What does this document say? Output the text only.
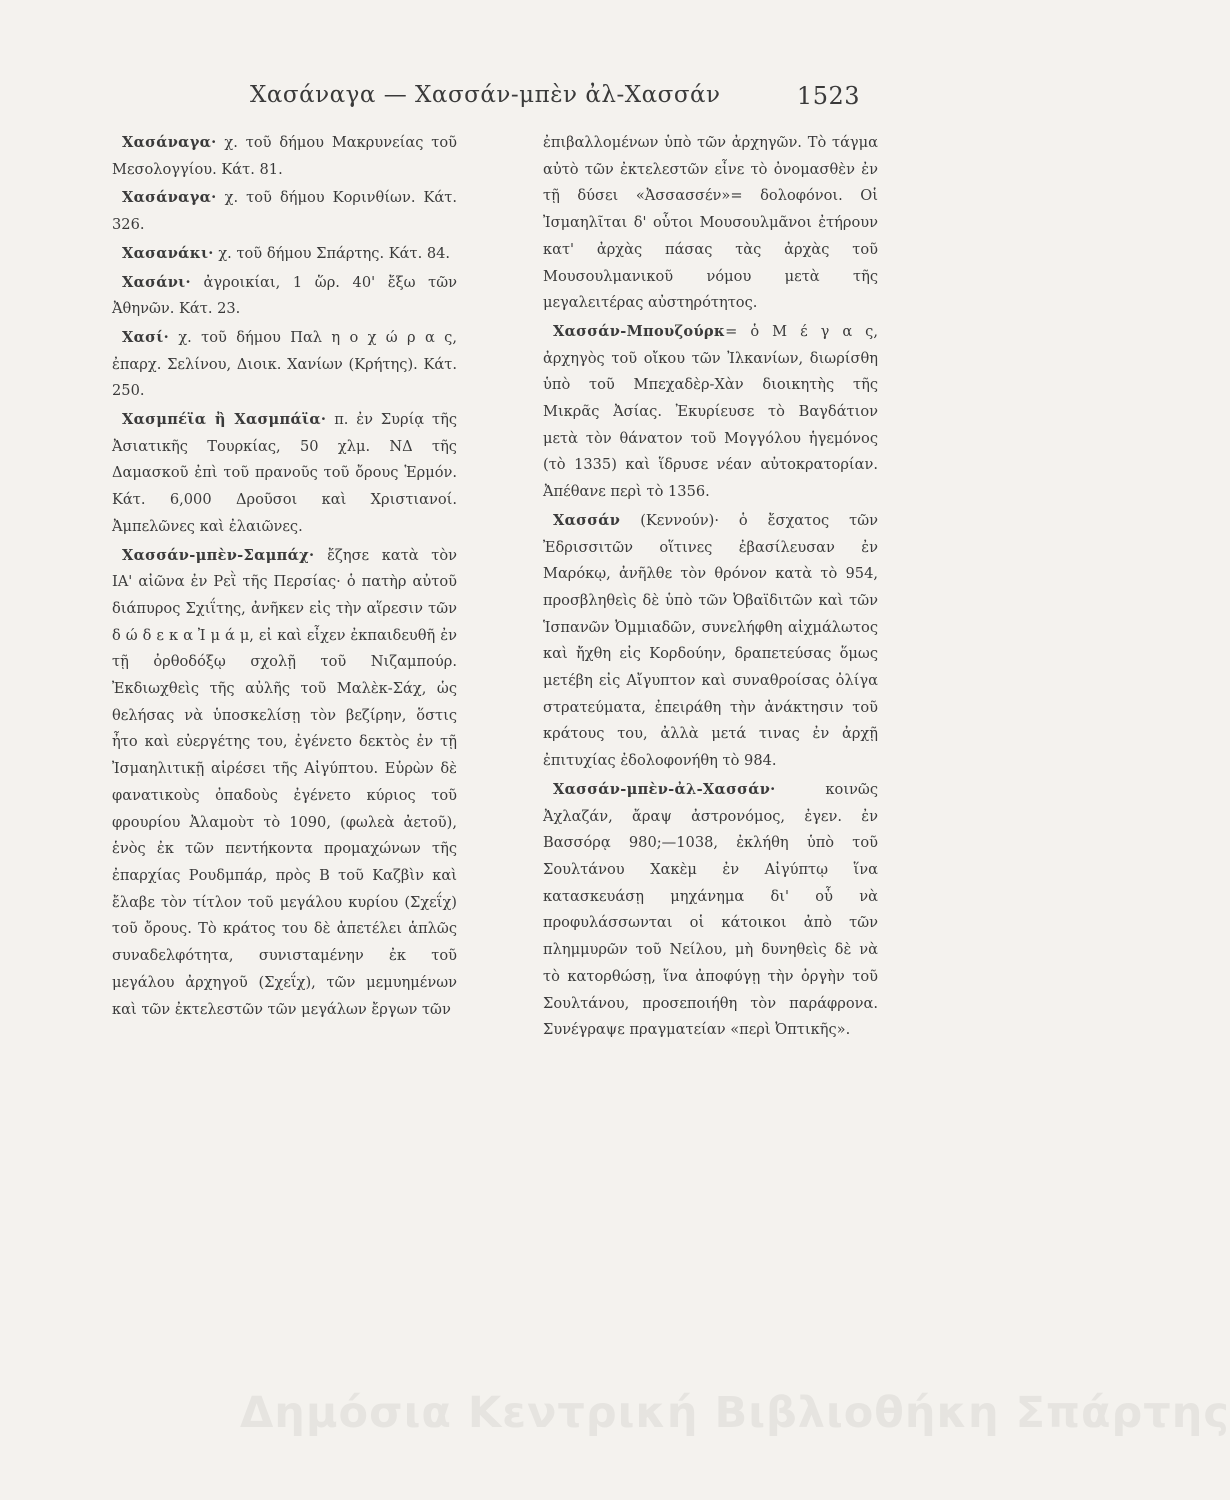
Χασάναγα — Χασσάν-μπὲν ἀλ-Χασσάν	1523

Χασάναγα· χ. τοῦ δήμου Μακρυνείας τοῦ Μεσολογγίου. Κάτ. 81.

Χασάναγα· χ. τοῦ δήμου Κορινθίων. Κάτ. 326.

Χασανάκι· χ. τοῦ δήμου Σπάρτης. Κάτ. 84.

Χασάνι· ἀγροικίαι, 1 ὥρ. 40' ἔξω τῶν Ἀθηνῶν. Κάτ. 23.

Χασί· χ. τοῦ δήμου Παλ η ο χ ώ ρ α ς, ἐπαρχ. Σελίνου, Διοικ. Χανίων (Κρήτης). Κάτ. 250.

Χασμπέϊα ἢ Χασμπάϊα· π. ἐν Συρίᾳ τῆς Ἀσιατικῆς Τουρκίας, 50 χλμ. ΝΔ τῆς Δαμασκοῦ ἐπὶ τοῦ πρανοῦς τοῦ ὄρους Ἑρμόν. Κάτ. 6,000 Δροῦσοι καὶ Χριστιανοί. Ἀμπελῶνες καὶ ἐλαιῶνες.

Χασσάν-μπὲν-Σαμπάχ· ἔζησε κατὰ τὸν ΙΑ' αἰῶνα ἐν Ρεῒ τῆς Περσίας· ὁ πατὴρ αὐτοῦ διάπυρος Σχιΐτης, ἀνῆκεν εἰς τὴν αἵρεσιν τῶν δ ώ δ ε κ α Ἰ μ ά μ, εἰ καὶ εἶχεν ἐκπαιδευθῆ ἐν τῇ ὀρθοδόξῳ σχολῇ τοῦ Νιζαμπούρ. Ἐκδιωχθεὶς τῆς αὐλῆς τοῦ Μαλὲκ-Σάχ, ὡς θελήσας νὰ ὑποσκελίσῃ τὸν βεζίρην, ὅστις ἦτο καὶ εὐεργέτης του, ἐγένετο δεκτὸς ἐν τῇ Ἰσμαηλιτικῇ αἱρέσει τῆς Αἰγύπτου. Εὑρὼν δὲ φανατικοὺς ὀπαδοὺς ἐγένετο κύριος τοῦ φρουρίου Ἀλαμοὺτ τὸ 1090, (φωλεὰ ἀετοῦ), ἑνὸς ἐκ τῶν πεντήκοντα προμαχώνων τῆς ἐπαρχίας Ρουδμπάρ, πρὸς Β τοῦ Καζβὶν καὶ ἔλαβε τὸν τίτλον τοῦ μεγάλου κυρίου (Σχεΐχ) τοῦ ὄρους. Τὸ κράτος του δὲ ἀπετέλει ἁπλῶς συναδελφότητα, συνισταμένην ἐκ τοῦ μεγάλου ἀρχηγοῦ (Σχεΐχ), τῶν μεμυημένων καὶ τῶν ἐκτελεστῶν τῶν μεγάλων ἔργων τῶν

ἐπιβαλλομένων ὑπὸ τῶν ἀρχηγῶν. Τὸ τάγμα αὐτὸ τῶν ἐκτελεστῶν εἶνε τὸ ὀνομασθὲν ἐν τῇ δύσει «Ἀσσασσέν»= δολοφόνοι. Οἱ Ἰσμαηλῖται δ' οὗτοι Μουσουλμᾶνοι ἐτήρουν κατ' ἀρχὰς πάσας τὰς ἀρχὰς τοῦ Μουσουλμανικοῦ νόμου μετὰ τῆς μεγαλειτέρας αὐστηρότητος.

Χασσάν-Μπουζούρκ= ὁ Μ έ γ α ς, ἀρχηγὸς τοῦ οἴκου τῶν Ἰλκανίων, διωρίσθη ὑπὸ τοῦ Μπεχαδὲρ-Χὰν διοικητὴς τῆς Μικρᾶς Ἀσίας. Ἐκυρίευσε τὸ Βαγδάτιον μετὰ τὸν θάνατον τοῦ Μογγόλου ἡγεμόνος (τὸ 1335) καὶ ἵδρυσε νέαν αὐτοκρατορίαν. Ἀπέθανε περὶ τὸ 1356.

Χασσάν (Κεννούν)· ὁ ἔσχατος τῶν Ἐδρισσιτῶν οἵτινες ἐβασίλευσαν ἐν Μαρόκῳ, ἀνῆλθε τὸν θρόνον κατὰ τὸ 954, προσβληθεὶς δὲ ὑπὸ τῶν Ὀβαϊδιτῶν καὶ τῶν Ἱσπανῶν Ὀμμιαδῶν, συνελήφθη αἰχμάλωτος καὶ ἤχθη εἰς Κορδούην, δραπετεύσας ὅμως μετέβη εἰς Αἴγυπτον καὶ συναθροίσας ὀλίγα στρατεύματα, ἐπειράθη τὴν ἀνάκτησιν τοῦ κράτους του, ἀλλὰ μετά τινας ἐν ἀρχῇ ἐπιτυχίας ἐδολοφονήθη τὸ 984.

Χασσάν-μπὲν-ἀλ-Χασσάν·	κοινῶς Ἀχλαζάν, ἄραψ ἀστρονόμος, ἐγεν. ἐν Βασσόρᾳ 980;—1038, ἐκλήθη ὑπὸ τοῦ Σουλτάνου Χακὲμ ἐν Αἰγύπτῳ ἵνα κατασκευάσῃ μηχάνημα δι' οὗ νὰ προφυλάσσωνται οἱ κάτοικοι ἀπὸ τῶν πλημμυρῶν τοῦ Νείλου, μὴ δυνηθεὶς δὲ νὰ τὸ κατορθώσῃ, ἵνα ἀποφύγῃ τὴν ὀργὴν τοῦ Σουλτάνου, προσεποιήθη τὸν παράφρονα. Συνέγραψε πραγματείαν «περὶ Ὀπτικῆς».

Δημόσια Κεντρική Βιβλιοθήκη Σπάρτης
